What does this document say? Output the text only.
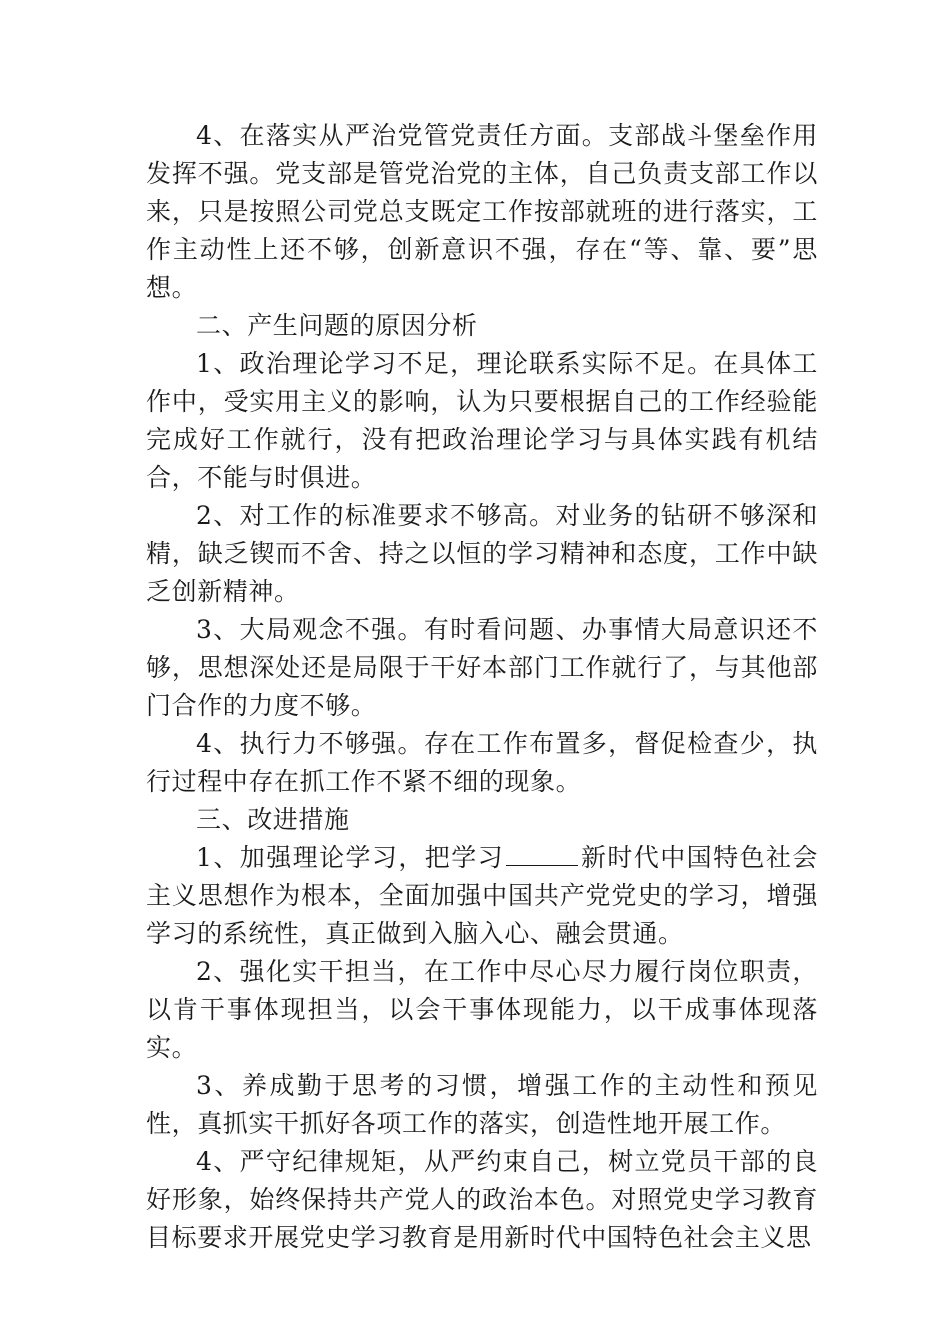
4、在落实从严治党管党责任方面。支部战斗堡垒作用发挥不强。党支部是管党治党的主体，自己负责支部工作以来，只是按照公司党总支既定工作按部就班的进行落实，工作主动性上还不够，创新意识不强，存在“等、靠、要”思想。

二、产生问题的原因分析

1、政治理论学习不足，理论联系实际不足。在具体工作中，受实用主义的影响，认为只要根据自己的工作经验能完成好工作就行，没有把政治理论学习与具体实践有机结合，不能与时俱进。

2、对工作的标准要求不够高。对业务的钻研不够深和精，缺乏锲而不舍、持之以恒的学习精神和态度，工作中缺乏创新精神。

3、大局观念不强。有时看问题、办事情大局意识还不够，思想深处还是局限于干好本部门工作就行了，与其他部门合作的力度不够。

4、执行力不够强。存在工作布置多，督促检查少，执行过程中存在抓工作不紧不细的现象。

三、改进措施

1、加强理论学习，把学习	新时代中国特色社会主义思想作为根本，全面加强中国共产党党史的学习，增强学习的系统性，真正做到入脑入心、融会贯通。

2、强化实干担当，在工作中尽心尽力履行岗位职责，以肯干事体现担当，以会干事体现能力，以干成事体现落实。

3、养成勤于思考的习惯，增强工作的主动性和预见性，真抓实干抓好各项工作的落实，创造性地开展工作。

4、严守纪律规矩，从严约束自己，树立党员干部的良好形象，始终保持共产党人的政治本色。对照党史学习教育目标要求开展党史学习教育是用新时代中国特色社会主义思
